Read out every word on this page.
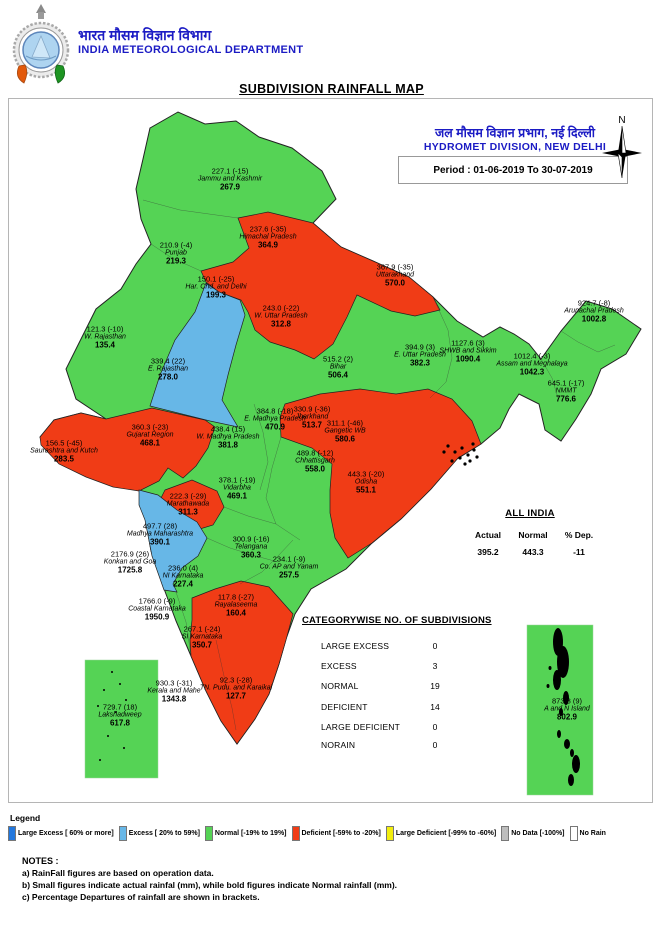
भारत मौसम विज्ञान विभाग
INDIA METEOROLOGICAL DEPARTMENT
SUBDIVISION RAINFALL MAP
227.1 (-15)
Jammu and Kashmir
267.9
237.6 (-35)
Himachal Pradesh
364.9
210.9 (-4)
Punjab
219.3
367.9 (-35)
Uttarakhand
570.0
150.1 (-25)
Har. Chd. and Delhi
199.3
243.0 (-22)
W. Uttar Pradesh
312.8
121.3 (-10)
W. Rajasthan
135.4
339.4 (22)
E. Rajasthan
278.0
394.9 (3)
E. Uttar Pradesh
382.3
515.2 (2)
Bihar
506.4
1127.6 (3)
SHWB and Sikkim
1090.4	1012.4 (-3)
Assam and Meghalaya
1042.3
924.7 (-8)
Arunachal Pradesh
1002.8
645.1 (-17)
NMMT
776.6
360.3 (-23)
Gujarat Region
468.1
156.5 (-45)
Saurashtra and Kutch
283.5
438.4 (15)
W. Madhya Pradesh
381.8
384.8 (-18)
E. Madhya Pradesh
470.9
489.8 (-12)
Chhattisgarh
558.0
330.9 (-36)
Jharkhand
513.7 311.1 (-46)
Gangetic WB
580.6
443.3 (-20)
Odisha
551.1
378.1 (-19)
Vidarbha
469.1
222.3 (-29)
Marathawada
311.3
497.7 (28)
Madhya Maharashtra
390.1
2176.9 (26)
Konkan and Goa
1725.8	236.0 (4)
NI Karnataka
227.4
300.9 (-16)
Telangana
360.3	234.1 (-9)
Co. AP and Yanam
257.5
1766.0 (-9)
Coastal Karnataka
1950.9
117.8 (-27)
Rayalaseema
160.4
267.1 (-24)
SI Karnataka
350.7
930.3 (-31)
Kerala and Mahe
1343.8
92.3 (-28)
TN. Pudu. and Karaikal
127.7
729.7 (18)
Lakshadweep
617.8
873.8 (9)
A and N Island
802.9
जल मौसम विज्ञान प्रभाग, नई दिल्ली
HYDROMET DIVISION, NEW DELHI
Period : 01-06-2019 To 30-07-2019
N
ALL INDIA
Actual	Normal	% Dep.
395.2	443.3	-11
CATEGORYWISE NO. OF SUBDIVISIONS
LARGE EXCESS	0
EXCESS	3
NORMAL	19
DEFICIENT	14
LARGE DEFICIENT	0
NORAIN	0
Legend
Large Excess [ 60% or more] Excess [ 20% to 59%] Normal [-19% to 19%] Deficient [-59% to -20%] Large Deficient [-99% to -60%] No Data [-100%] No Rain
NOTES :
a) RainFall figures are based on operation data.
b) Small figures indicate actual rainfal (mm), while bold figures indicate Normal rainfall (mm).
c) Percentage Departures of rainfall are shown in brackets.
